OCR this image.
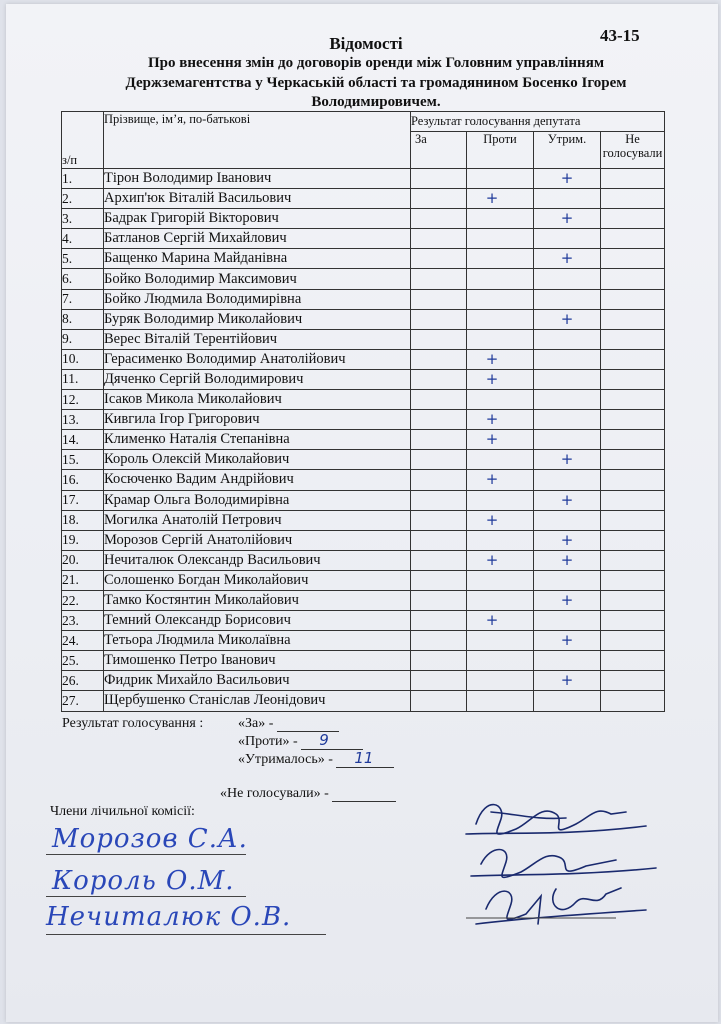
43-15
Відомості
Про внесення змін до договорів оренди між Головним управлінням
Держземагентства у Черкаській області та громадянином Босенко Ігорем
Володимировичем.
з/п	Прізвище, ім’я, по-батькові	Результат голосування депутата
За	Проти	Утрим.	Не голосували
1.	Тірон Володимир Іванович			+	
2.	Архип'юк Віталій Васильович		+		
3.	Бадрак Григорій Вікторович			+	
4.	Батланов Сергій Михайлович				
5.	Бащенко Марина Майданівна			+	
6.	Бойко Володимир Максимович				
7.	Бойко Людмила Володимирівна				
8.	Буряк Володимир Миколайович			+	
9.	Верес Віталій Терентійович				
10.	Герасименко Володимир Анатолійович		+		
11.	Дяченко Сергій Володимирович		+		
12.	Ісаков Микола Миколайович				
13.	Кивгила Ігор Григорович		+		
14.	Клименко Наталія Степанівна		+		
15.	Король Олексій Миколайович			+	
16.	Косюченко Вадим Андрійович		+		
17.	Крамар Ольга Володимирівна			+	
18.	Могилка Анатолій Петрович		+		
19.	Морозов Сергій Анатолійович			+	
20.	Нечиталюк Олександр Васильович		+	+	
21.	Солошенко Богдан Миколайович				
22.	Тамко Костянтин Миколайович			+	
23.	Темний Олександр Борисович		+		
24.	Тетьора Людмила Миколаївна			+	
25.	Тимошенко Петро Іванович				
26.	Фидрик Михайло Васильович			+	
27.	Щербушенко Станіслав Леонідович				
Результат голосування : «За» -
«Проти» - 9
«Утрималось» - 11
«Не голосували» -
Члени лічильної комісії:
Морозов С.А.
Король О.М.
Нечиталюк О.В.
